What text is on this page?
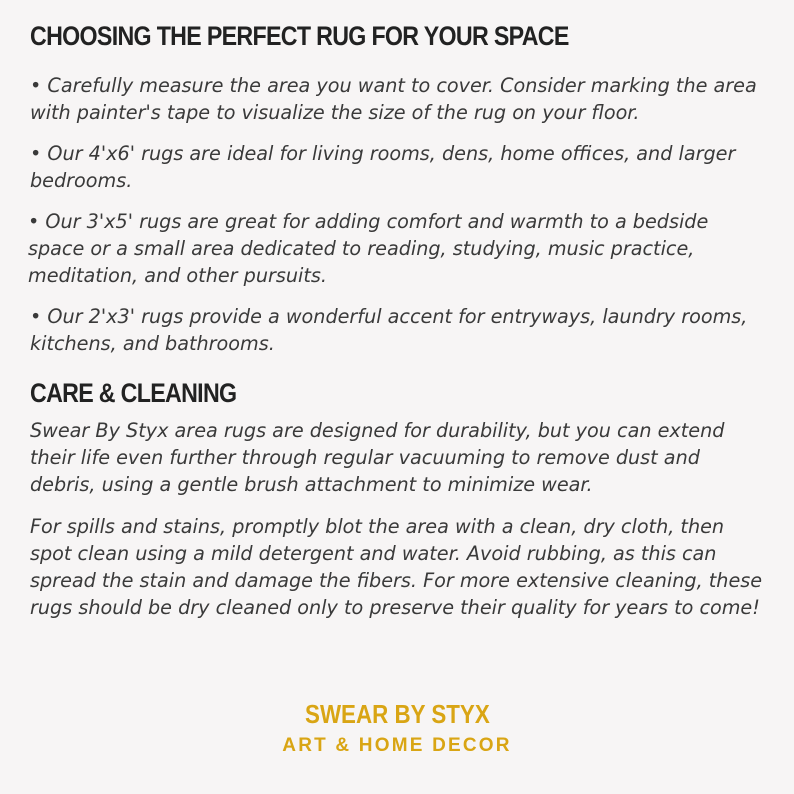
CHOOSING THE PERFECT RUG FOR YOUR SPACE

• Carefully measure the area you want to cover. Consider marking the area with painter's tape to visualize the size of the rug on your floor.

• Our 4'x6' rugs are ideal for living rooms, dens, home offices, and larger bedrooms.

• Our 3'x5' rugs are great for adding comfort and warmth to a bedside space or a small area dedicated to reading, studying, music practice, meditation, and other pursuits.

• Our 2'x3' rugs provide a wonderful accent for entryways, laundry rooms, kitchens, and bathrooms.

CARE & CLEANING

Swear By Styx area rugs are designed for durability, but you can extend their life even further through regular vacuuming to remove dust and debris, using a gentle brush attachment to minimize wear.

For spills and stains, promptly blot the area with a clean, dry cloth, then spot clean using a mild detergent and water. Avoid rubbing, as this can spread the stain and damage the fibers. For more extensive cleaning, these rugs should be dry cleaned only to preserve their quality for years to come!

SWEAR BY STYX
ART & HOME DECOR
